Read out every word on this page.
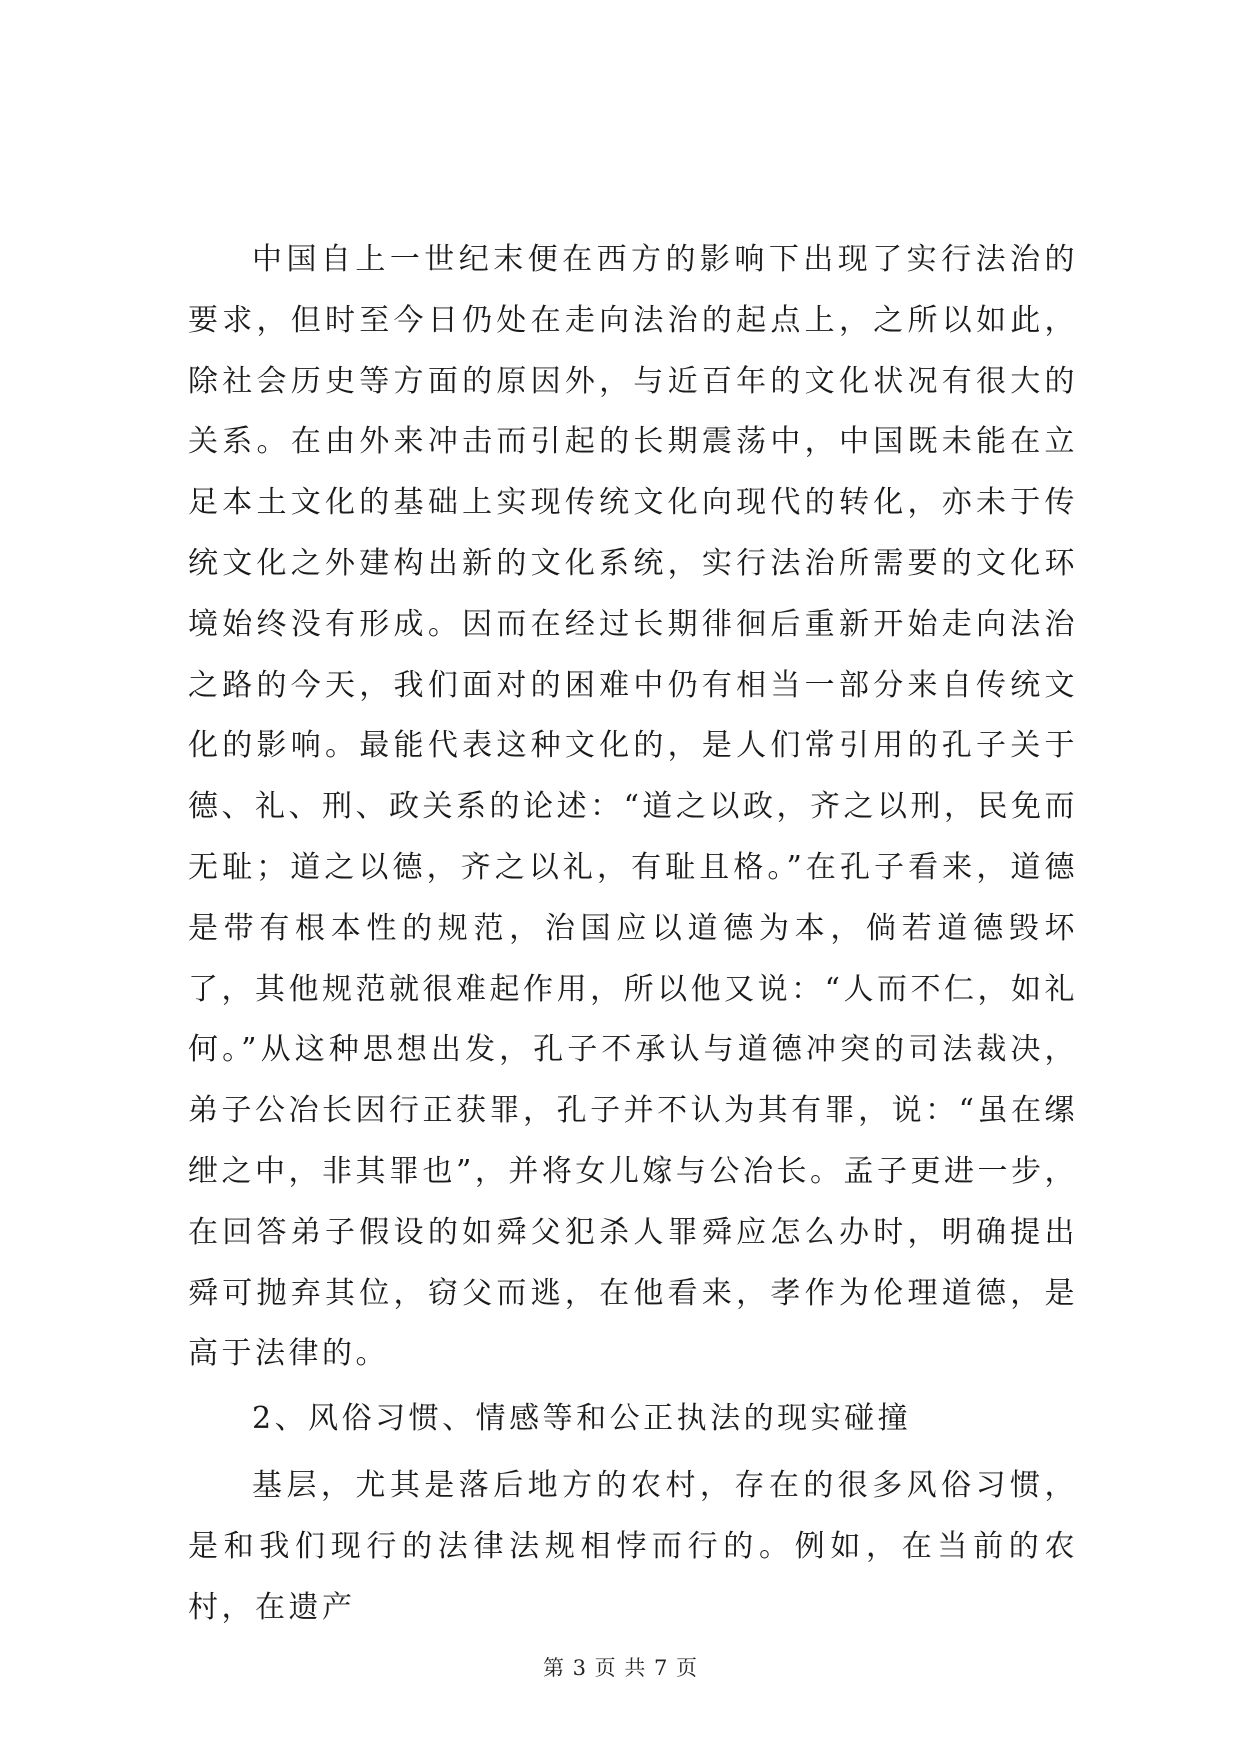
中国自上一世纪末便在西方的影响下出现了实行法治的要求，但时至今日仍处在走向法治的起点上，之所以如此，除社会历史等方面的原因外，与近百年的文化状况有很大的关系。在由外来冲击而引起的长期震荡中，中国既未能在立足本土文化的基础上实现传统文化向现代的转化，亦未于传统文化之外建构出新的文化系统，实行法治所需要的文化环境始终没有形成。因而在经过长期徘徊后重新开始走向法治之路的今天，我们面对的困难中仍有相当一部分来自传统文化的影响。最能代表这种文化的，是人们常引用的孔子关于德、礼、刑、政关系的论述：“道之以政，齐之以刑，民免而无耻；道之以德，齐之以礼，有耻且格。”在孔子看来，道德是带有根本性的规范，治国应以道德为本，倘若道德毁坏了，其他规范就很难起作用，所以他又说：“人而不仁，如礼何。”从这种思想出发，孔子不承认与道德冲突的司法裁决，弟子公冶长因行正获罪，孔子并不认为其有罪，说：“虽在缧绁之中，非其罪也”，并将女儿嫁与公冶长。孟子更进一步，在回答弟子假设的如舜父犯杀人罪舜应怎么办时，明确提出舜可抛弃其位，窃父而逃，在他看来，孝作为伦理道德，是高于法律的。

2、风俗习惯、情感等和公正执法的现实碰撞

基层，尤其是落后地方的农村，存在的很多风俗习惯，是和我们现行的法律法规相悖而行的。例如，在当前的农村，在遗产

第 3 页 共 7 页
